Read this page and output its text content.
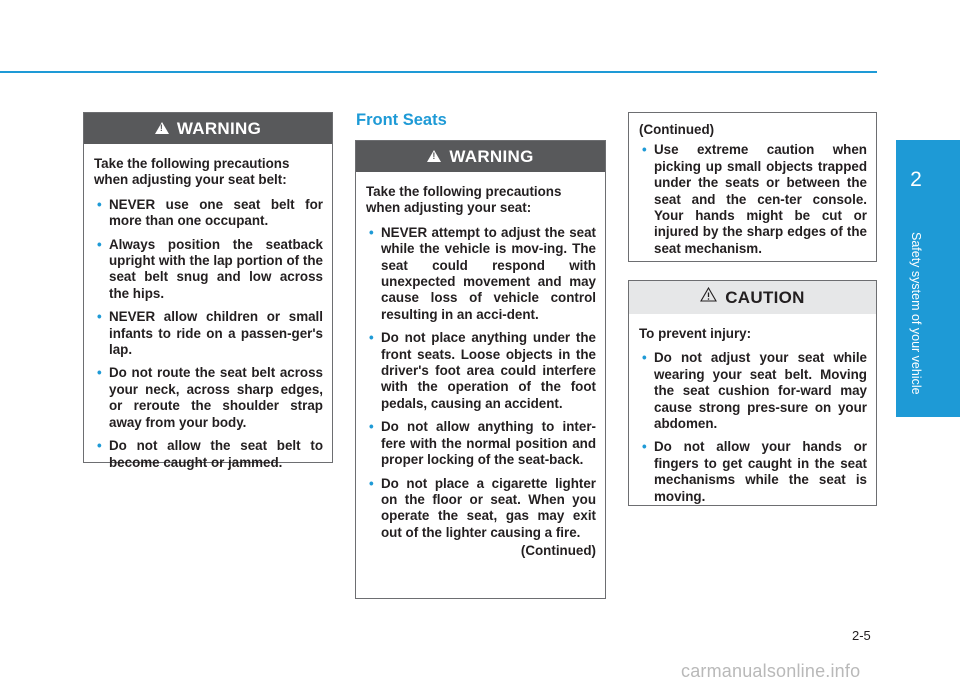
!
WARNING
Take the following precautions when adjusting your seat belt:
• NEVER use one seat belt for more than one occupant.
• Always position the seatback upright with the lap portion of the seat belt snug and low across the hips.
• NEVER allow children or small infants to ride on a passen-ger's lap.
• Do not route the seat belt across your neck, across sharp edges, or reroute the shoulder strap away from your body.
• Do not allow the seat belt to become caught or jammed.
Front Seats
!
WARNING
Take the following precautions when adjusting your seat:
• NEVER attempt to adjust the seat while the vehicle is mov-ing. The seat could respond with unexpected movement and may cause loss of vehicle control resulting in an acci-dent.
• Do not place anything under the front seats. Loose objects in the driver's foot area could interfere with the operation of the foot pedals, causing an accident.
• Do not allow anything to inter-fere with the normal position and proper locking of the seat-back.
• Do not place a cigarette lighter on the floor or seat. When you operate the seat, gas may exit out of the lighter causing a fire.
(Continued)
(Continued)
• Use extreme caution when picking up small objects trapped under the seats or between the seat and the cen-ter console. Your hands might be cut or injured by the sharp edges of the seat mechanism.
CAUTION
To prevent injury:
• Do not adjust your seat while wearing your seat belt. Moving the seat cushion for-ward may cause strong pres-sure on your abdomen.
• Do not allow your hands or fingers to get caught in the seat mechanisms while the seat is moving.
2
Safety system of your vehicle
2-5
carmanualsonline.info
